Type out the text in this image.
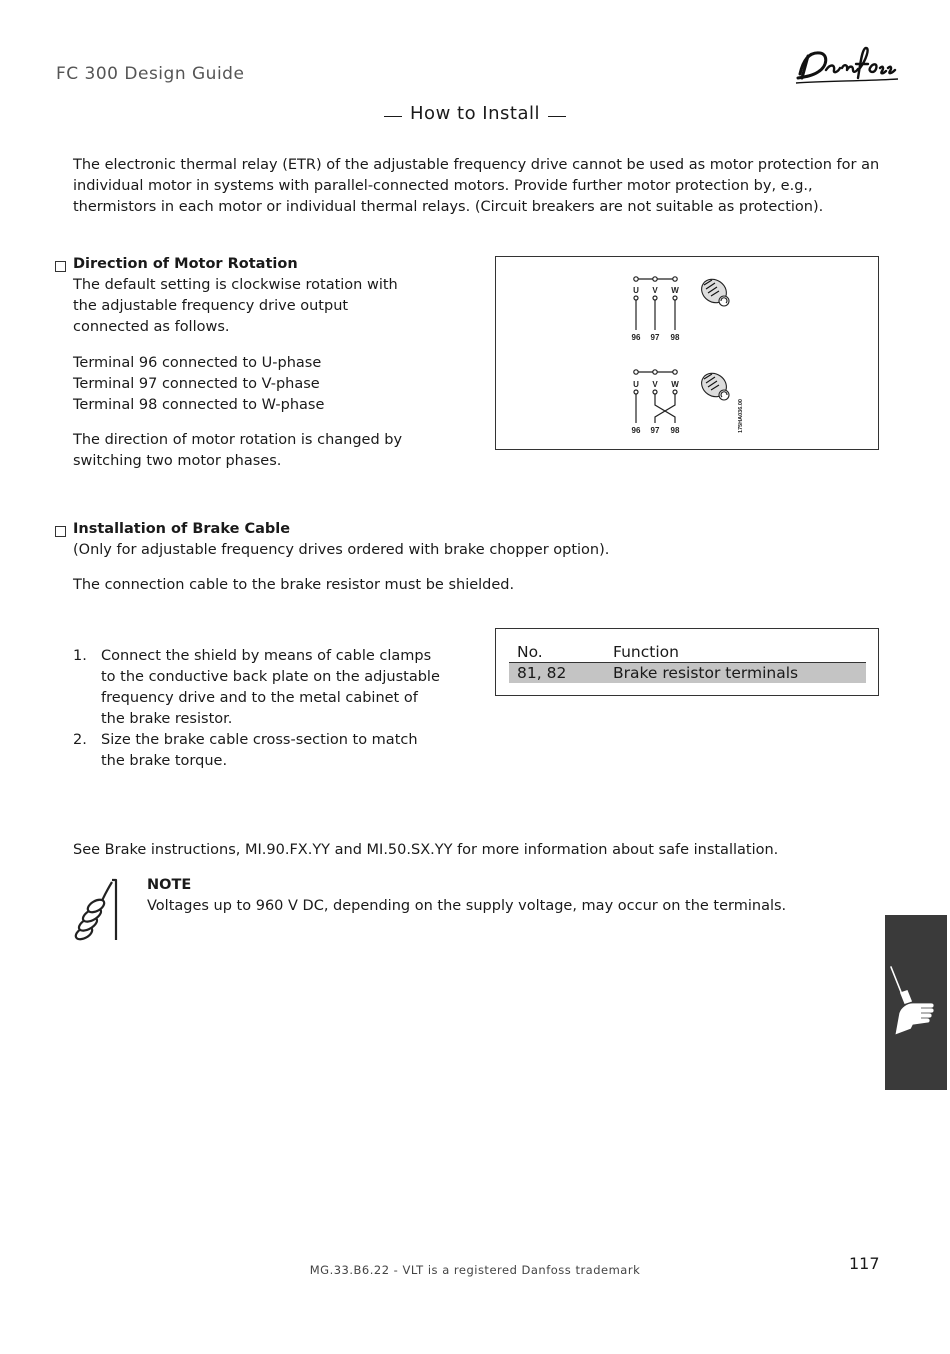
FC 300 Design Guide
How to Install
The electronic thermal relay (ETR) of the adjustable frequency drive cannot be used as motor protection for an individual motor in systems with parallel-connected motors. Provide further motor protection by, e.g., thermistors in each motor or individual thermal relays. (Circuit breakers are not suitable as protection).
Direction of Motor Rotation
The default setting is clockwise rotation with the adjustable frequency drive output connected as follows.
Terminal 96 connected to U-phase
Terminal 97 connected to V-phase
Terminal 98 connected to W-phase
The direction of motor rotation is changed by switching two motor phases.
U V W
96 97 98
U V W
96 97 98	175HA036.00
Installation of Brake Cable
(Only for adjustable frequency drives ordered with brake chopper option).
The connection cable to the brake resistor must be shielded.
1. Connect the shield by means of cable clamps to the conductive back plate on the adjustable frequency drive and to the metal cabinet of the brake resistor.
2. Size the brake cable cross-section to match the brake torque.
No.	Function
81, 82	Brake resistor terminals
See Brake instructions, MI.90.FX.YY and MI.50.SX.YY for more information about safe installation.
NOTE
Voltages up to 960 V DC, depending on the supply voltage, may occur on the terminals.
MG.33.B6.22 - VLT is a registered Danfoss trademark	117
